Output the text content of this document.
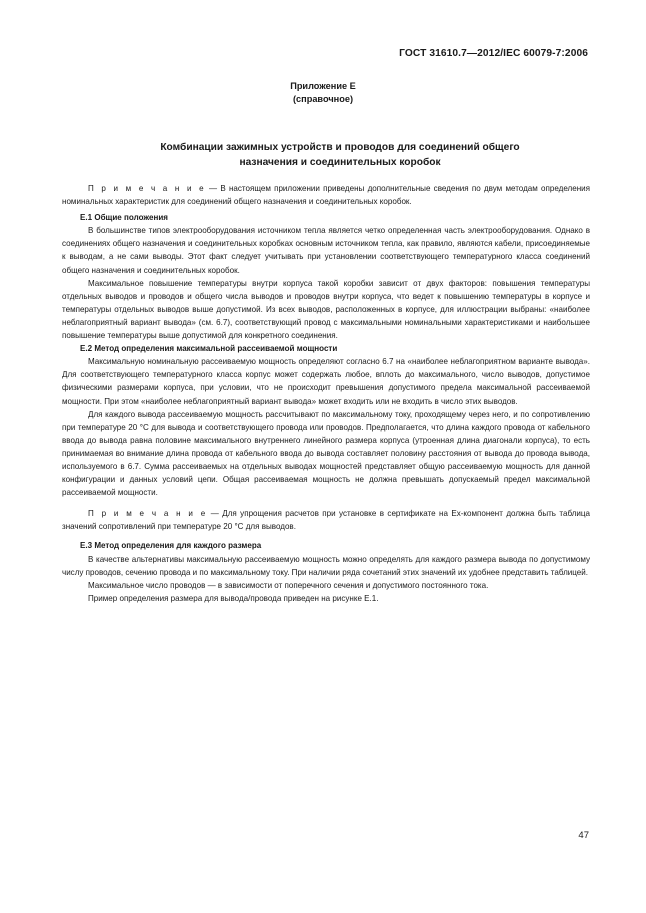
ГОСТ 31610.7—2012/IEC 60079-7:2006
Приложение Е
(справочное)
Комбинации зажимных устройств и проводов для соединений общего
назначения и соединительных коробок

П р и м е ч а н и е — В настоящем приложении приведены дополнительные сведения по двум методам определения номинальных характеристик для соединений общего назначения и соединительных коробок.

Е.1 Общие положения

В большинстве типов электрооборудования источником тепла является четко определенная часть электрооборудования. Однако в соединениях общего назначения и соединительных коробках основным источником тепла, как правило, являются кабели, присоединяемые к выводам, а не сами выводы. Этот факт следует учитывать при установлении соответствующего температурного класса соединений общего назначения и соединительных коробок.

Максимальное повышение температуры внутри корпуса такой коробки зависит от двух факторов: повышения температуры отдельных выводов и проводов и общего числа выводов и проводов внутри корпуса, что ведет к повышению температуры в корпусе и температуры отдельных выводов выше допустимой. Из всех выводов, расположенных в корпусе, для иллюстрации выбраны: «наиболее неблагоприятный вариант вывода» (см. 6.7), соответствующий провод с максимальными номинальными характеристиками и наибольшее повышение температуры выше допустимой для конкретного соединения.

Е.2 Метод определения максимальной рассеиваемой мощности

Максимальную номинальную рассеиваемую мощность определяют согласно 6.7 на «наиболее неблагоприятном варианте вывода». Для соответствующего температурного класса корпус может содержать любое, вплоть до максимального, число выводов, допустимое физическими размерами корпуса, при условии, что не происходит превышения допустимого предела максимальной рассеиваемой мощности. При этом «наиболее неблагоприятный вариант вывода» может входить или не входить в число этих выводов.

Для каждого вывода рассеиваемую мощность рассчитывают по максимальному току, проходящему через него, и по сопротивлению при температуре 20 °С для вывода и соответствующего провода или проводов. Предполагается, что длина каждого провода от кабельного ввода до вывода равна половине максимального внутреннего линейного размера корпуса (утроенная длина диагонали корпуса), то есть принимаемая во внимание длина провода от кабельного ввода до вывода составляет половину расстояния от вывода до провода вывода, используемого в 6.7. Сумма рассеиваемых на отдельных выводах мощностей представляет общую рассеиваемую мощность для данной конфигурации и данных условий цепи. Общая рассеиваемая мощность не должна превышать допускаемый предел максимальной рассеиваемой мощности.

П р и м е ч а н и е — Для упрощения расчетов при установке в сертификате на Ex-компонент должна быть таблица значений сопротивлений при температуре 20 °С для выводов.

Е.3 Метод определения для каждого размера

В качестве альтернативы максимальную рассеиваемую мощность можно определять для каждого размера вывода по допустимому числу проводов, сечению провода и по максимальному току. При наличии ряда сочетаний этих значений их удобнее представить таблицей.

Максимальное число проводов — в зависимости от поперечного сечения и допустимого постоянного тока.

Пример определения размера для вывода/провода приведен на рисунке Е.1.

47
